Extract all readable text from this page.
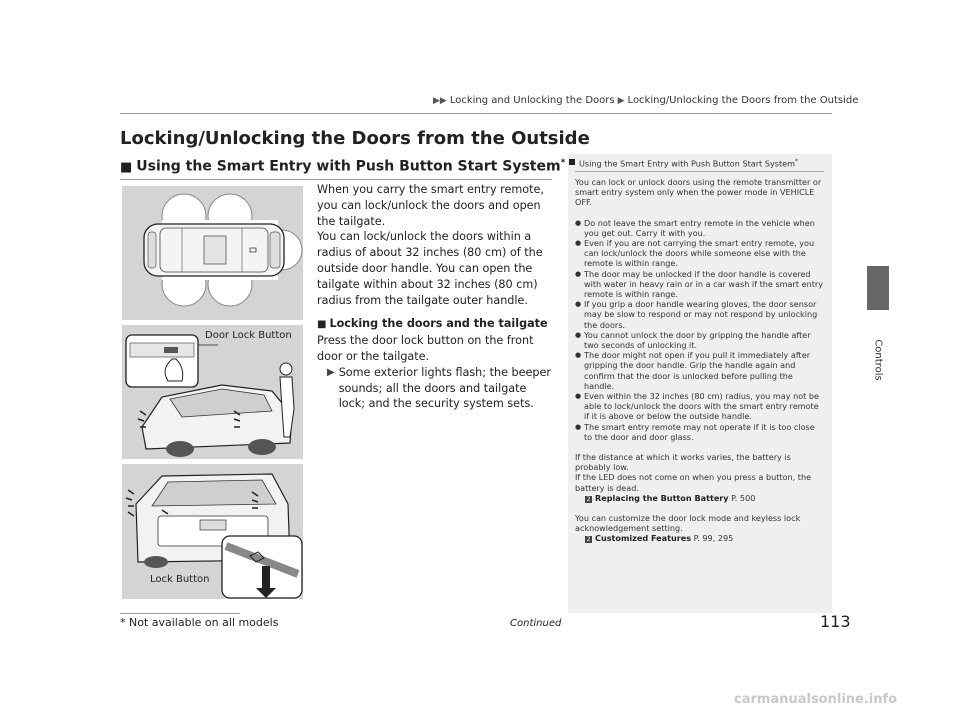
▶▶ Locking and Unlocking the Doors ▶ Locking/Unlocking the Doors from the Outside
Locking/Unlocking the Doors from the Outside
■ Using the Smart Entry with Push Button Start System*
Door Lock Button
Lock Button

When you carry the smart entry remote, you can lock/unlock the doors and open the tailgate.

You can lock/unlock the doors within a radius of about 32 inches (80 cm) of the outside door handle. You can open the tailgate within about 32 inches (80 cm) radius from the tailgate outer handle.

■ Locking the doors and the tailgate

Press the door lock button on the front door or the tailgate.

▶ Some exterior lights flash; the beeper sounds; all the doors and tailgate lock; and the security system sets.
Using the Smart Entry with Push Button Start System*

You can lock or unlock doors using the remote transmitter or smart entry system only when the power mode in VEHICLE OFF.

● Do not leave the smart entry remote in the vehicle when you get out. Carry it with you.
● Even if you are not carrying the smart entry remote, you can lock/unlock the doors while someone else with the remote is within range.
● The door may be unlocked if the door handle is covered with water in heavy rain or in a car wash if the smart entry remote is within range.
● If you grip a door handle wearing gloves, the door sensor may be slow to respond or may not respond by unlocking the doors.
● You cannot unlock the door by gripping the handle after two seconds of unlocking it.
● The door might not open if you pull it immediately after gripping the door handle. Grip the handle again and confirm that the door is unlocked before pulling the handle.
● Even within the 32 inches (80 cm) radius, you may not be able to lock/unlock the doors with the smart entry remote if it is above or below the outside handle.
● The smart entry remote may not operate if it is too close to the door and door glass.

If the distance at which it works varies, the battery is probably low.

If the LED does not come on when you press a button, the battery is dead.

2 Replacing the Button Battery P. 500

You can customize the door lock mode and keyless lock acknowledgement setting.

2 Customized Features P. 99, 295

Controls
* Not available on all models	Continued	113
carmanualsonline.info
